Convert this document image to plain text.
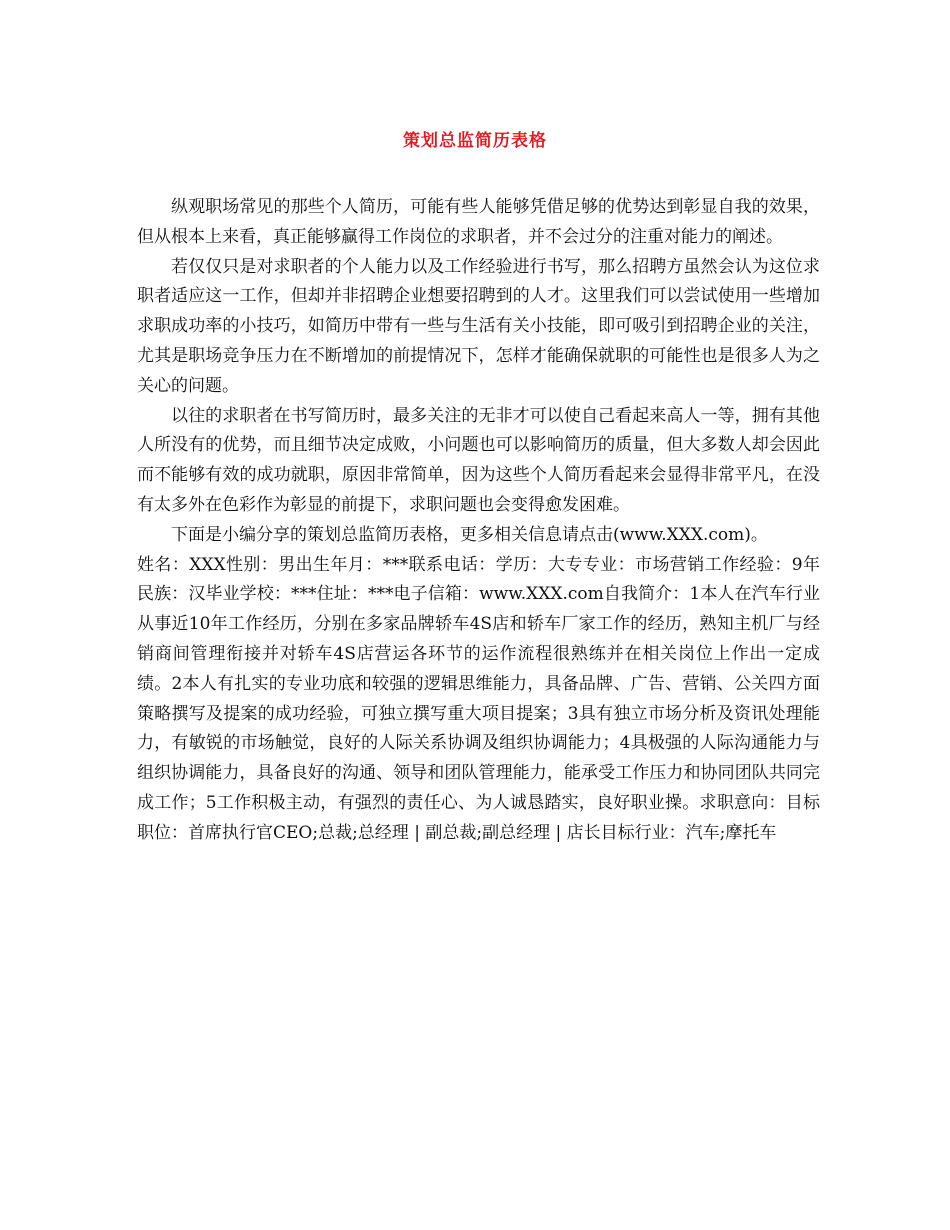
策划总监简历表格

纵观职场常见的那些个人简历，可能有些人能够凭借足够的优势达到彰显自我的效果，但从根本上来看，真正能够赢得工作岗位的求职者，并不会过分的注重对能力的阐述。

若仅仅只是对求职者的个人能力以及工作经验进行书写，那么招聘方虽然会认为这位求职者适应这一工作，但却并非招聘企业想要招聘到的人才。这里我们可以尝试使用一些增加求职成功率的小技巧，如简历中带有一些与生活有关小技能，即可吸引到招聘企业的关注，尤其是职场竞争压力在不断增加的前提情况下，怎样才能确保就职的可能性也是很多人为之关心的问题。

以往的求职者在书写简历时，最多关注的无非才可以使自己看起来高人一等，拥有其他人所没有的优势，而且细节决定成败，小问题也可以影响简历的质量，但大多数人却会因此而不能够有效的成功就职，原因非常简单，因为这些个人简历看起来会显得非常平凡，在没有太多外在色彩作为彰显的前提下，求职问题也会变得愈发困难。

下面是小编分享的策划总监简历表格，更多相关信息请点击(www.XXX.com)。

姓名：XXX性别：男出生年月：***联系电话：学历：大专专业：市场营销工作经验：9年民族：汉毕业学校：***住址：***电子信箱：www.XXX.com自我简介：1本人在汽车行业从事近10年工作经历，分别在多家品牌轿车4S店和轿车厂家工作的经历，熟知主机厂与经销商间管理衔接并对轿车4S店营运各环节的运作流程很熟练并在相关岗位上作出一定成绩。2本人有扎实的专业功底和较强的逻辑思维能力，具备品牌、广告、营销、公关四方面策略撰写及提案的成功经验，可独立撰写重大项目提案；3具有独立市场分析及资讯处理能力，有敏锐的市场触觉，良好的人际关系协调及组织协调能力；4具极强的人际沟通能力与组织协调能力，具备良好的沟通、领导和团队管理能力，能承受工作压力和协同团队共同完成工作；5工作积极主动，有强烈的责任心、为人诚恳踏实，良好职业操。求职意向：目标职位：首席执行官CEO;总裁;总经理 | 副总裁;副总经理 | 店长目标行业：汽车;摩托车
